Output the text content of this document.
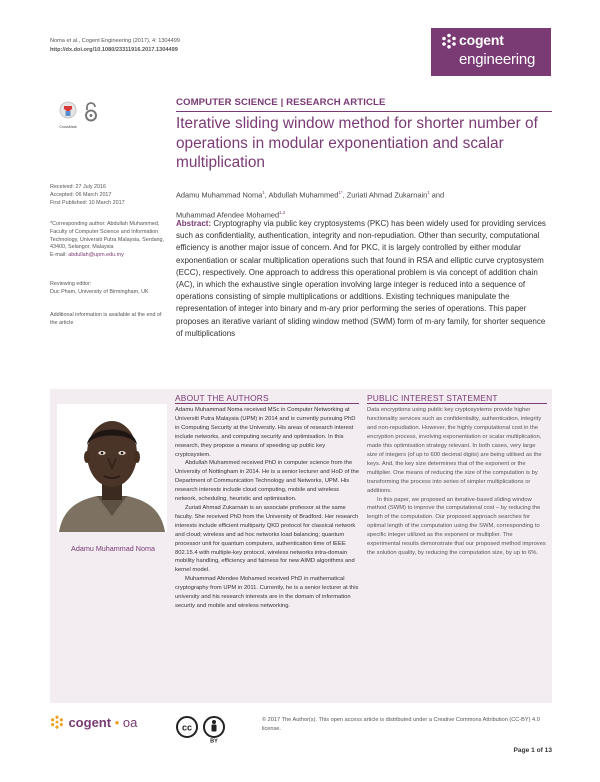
Noma et al., Cogent Engineering (2017), 4: 1304499
http://dx.doi.org/10.1080/23311916.2017.1304499
cogent
engineering
CrossMark
COMPUTER SCIENCE | RESEARCH ARTICLE
Iterative sliding window method for shorter number of operations in modular exponentiation and scalar multiplication
Adamu Muhammad Noma$^1$, Abdullah Muhammed$^{1*}$, Zuriati Ahmad Zukarnain$^1$ and
Muhammad Afendee Mohamed$^{1,2}$
Received: 27 July 2016
Accepted: 06 March 2017
First Published: 10 March 2017
*Corresponding author: Abdullah Muhammed, Faculty of Computer Science and Information Technology, Universiti Putra Malaysia, Serdang, 43400, Selangor, Malaysia
E-mail: abdullah@upm.edu.my
Reviewing editor:
Duc Pham, University of Birmingham, UK
Additional information is available at the end of the article
Abstract: Cryptography via public key cryptosystems (PKC) has been widely used for providing services such as confidentiality, authentication, integrity and non-repudiation. Other than security, computational efficiency is another major issue of concern. And for PKC, it is largely controlled by either modular exponentiation or scalar multiplication operations such that found in RSA and elliptic curve cryptosystem (ECC), respectively. One approach to address this operational problem is via concept of addition chain (AC), in which the exhaustive single operation involving large integer is reduced into a sequence of operations consisting of simple multiplications or additions. Existing techniques manipulate the representation of integer into binary and m-ary prior performing the series of operations. This paper proposes an iterative variant of sliding window method (SWM) form of m-ary family, for shorter sequence of multiplications
ABOUT THE AUTHORS
Adamu Muhammad Noma

Adamu Muhammad Noma received MSc in Computer Networking at Universiti Putra Malaysia (UPM) in 2014 and is currently pursuing PhD in Computing Security at the University. His areas of research interest include networks, and computing security and optimisation. In this research, they propose a means of speeding up public key cryptosystem.

Abdullah Muhammed received PhD in computer science from the University of Nottingham in 2014. He is a senior lecturer and HoD of the Department of Communication Technology and Networks, UPM. His research interests include cloud computing, mobile and wireless network, scheduling, heuristic and optimisation.

Zuriati Ahmad Zukarnain is an associate professor at the same faculty. She received PhD from the University of Bradford. Her research interests include efficient multiparty QKD protocol for classical network and cloud; wireless and ad hoc networks load balancing; quantum processor unit for quantum computers, authentication time of IEEE 802.15.4 with multiple-key protocol, wireless networks intra-domain mobility handling, efficiency and fairness for new AIMD algorithms and kernel model.

Muhammad Afendee Mohamed received PhD in mathematical cryptography from UPM in 2011. Currently, he is a senior lecturer at this university and his research interests are in the domain of information security and mobile and wireless networking.

PUBLIC INTEREST STATEMENT

Data encryptions using public key cryptosystems provide higher functionality services such as confidentiality, authentication, integrity and non-repudiation. However, the highly computational cost in the encryption process, involving exponentiation or scalar multiplication, made this optimisation strategy relevant. In both cases, very large size of integers (of up to 600 decimal digits) are being utilised as the keys. And, the key size determines that of the exponent or the multiplier. One means of reducing the size of the computation is by transforming the process into series of simpler multiplications or additions.

In this paper, we proposed an iterative-based sliding window method (SWM) to improve the computational cost – by reducing the length of the computation. Our proposed approach searches for optimal length of the computation using the SWM, corresponding to specific integer utilized as the exponent or multiplier. The experimental results demonstrate that our proposed method improves the solution quality, by reducing the computation size, by up to 6%.

cogent • oa	cc
BY
© 2017 The Author(s). This open access article is distributed under a Creative Commons Attribution (CC-BY) 4.0 license.
Page 1 of 13
